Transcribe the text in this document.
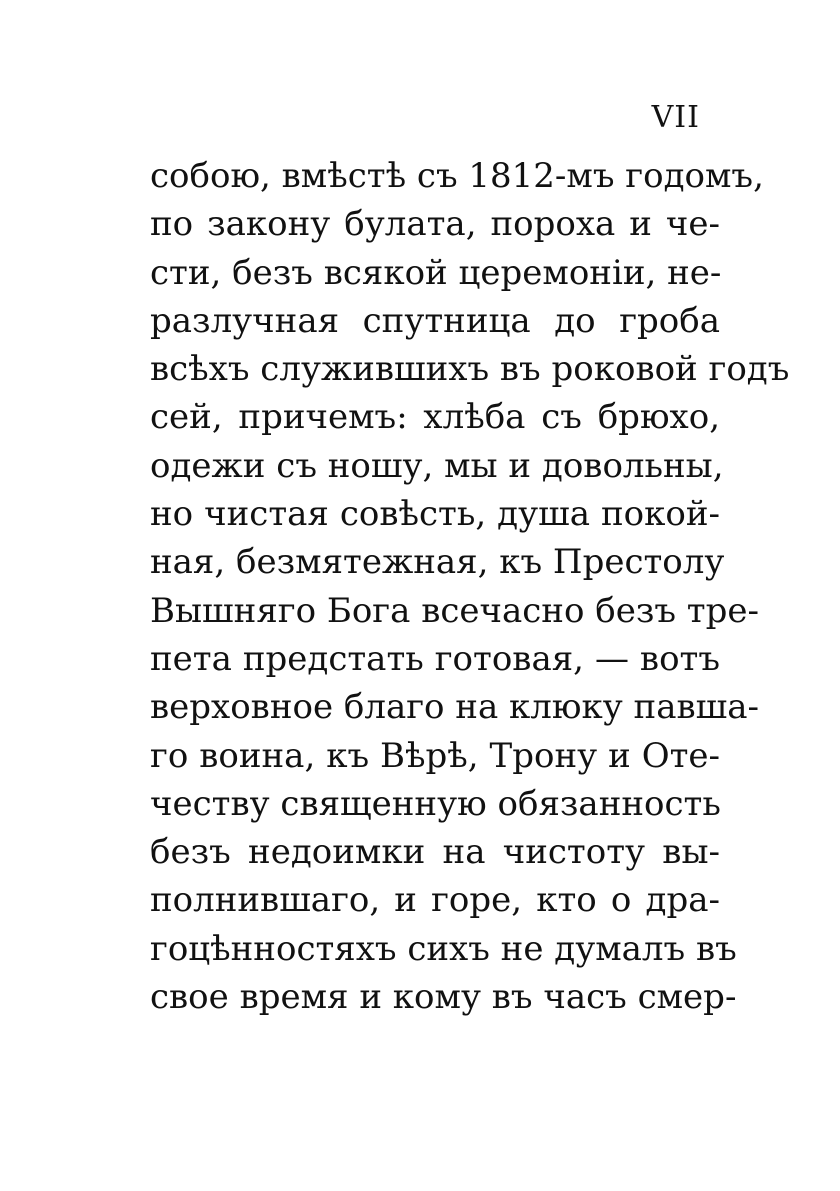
VII
собою, вмѣстѣ съ 1812-мъ годомъ,
по закону булата, пороха и че-
сти, безъ всякой церемоніи, не-
разлучная спутница до гроба
всѣхъ служившихъ въ роковой годъ
сей, причемъ: хлѣба съ брюхо,
одежи съ ношу, мы и довольны,
но чистая совѣсть, душа покой-
ная, безмятежная, къ Престолу
Вышняго Бога всечасно безъ тре-
пета предстать готовая, — вотъ
верховное благо на клюку павша-
го воина, къ Вѣрѣ, Трону и Оте-
честву священную обязанность
безъ недоимки на чистоту вы-
полнившаго, и горе, кто о дра-
гоцѣнностяхъ сихъ не думалъ въ
свое время и кому въ часъ смер-
